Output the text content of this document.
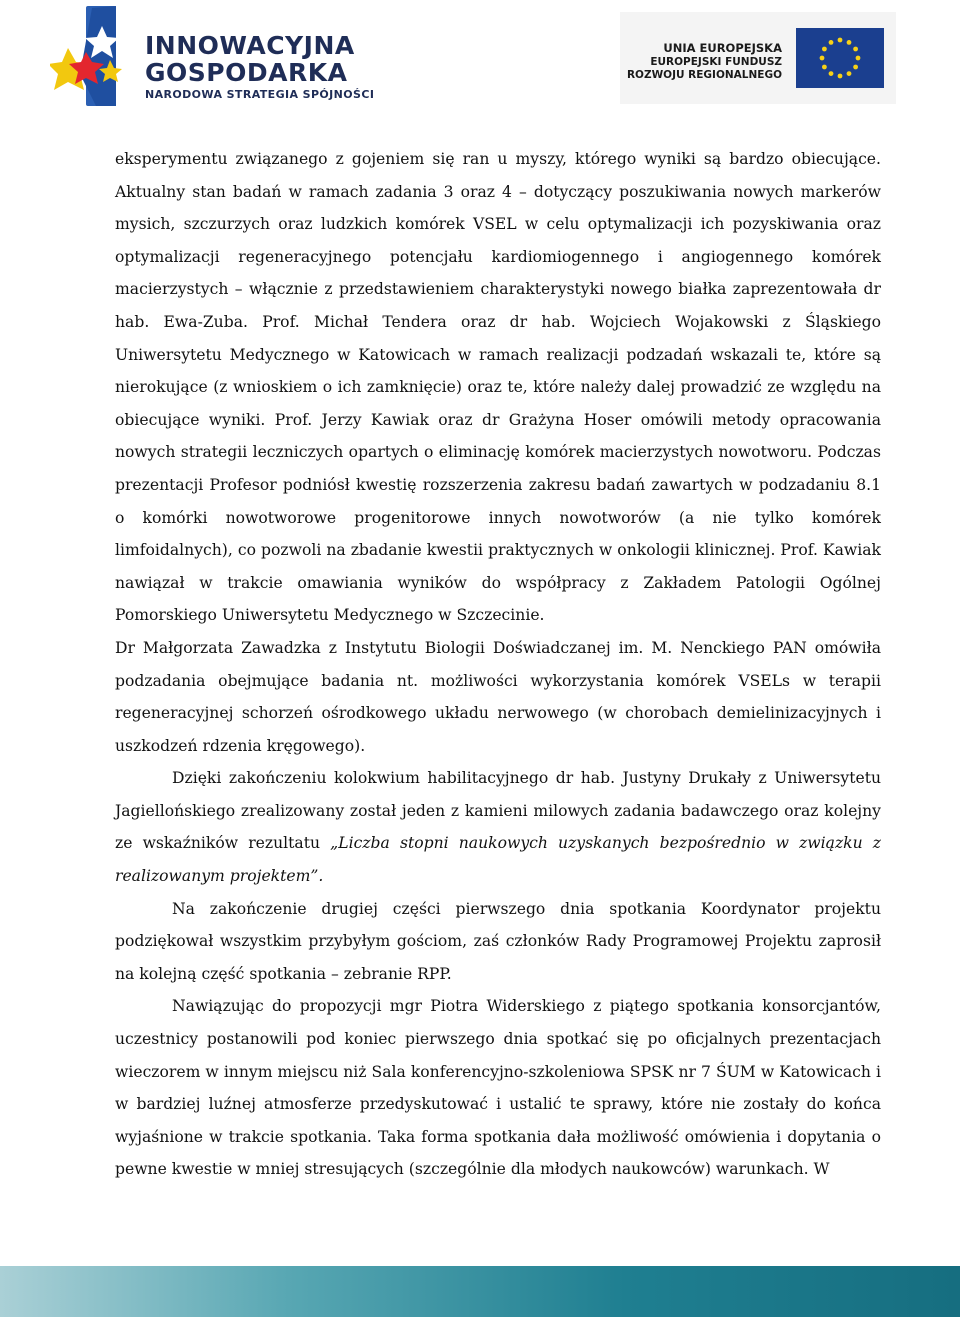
INNOWACYJNA
GOSPODARKA
NARODOWA STRATEGIA SPÓJNOŚCI
UNIA EUROPEJSKA
EUROPEJSKI FUNDUSZ
ROZWOJU REGIONALNEGO

eksperymentu związanego z gojeniem się ran u myszy, którego wyniki są bardzo obiecujące. Aktualny stan badań w ramach zadania 3 oraz 4 – dotyczący poszukiwania nowych markerów mysich, szczurzych oraz ludzkich komórek VSEL w celu optymalizacji ich pozyskiwania oraz optymalizacji regeneracyjnego potencjału kardiomiogennego i angiogennego komórek macierzystych – włącznie z przedstawieniem charakterystyki nowego białka zaprezentowała dr hab. Ewa-Zuba. Prof. Michał Tendera oraz dr hab. Wojciech Wojakowski z Śląskiego Uniwersytetu Medycznego w Katowicach w ramach realizacji podzadań wskazali te, które są nierokujące (z wnioskiem o ich zamknięcie) oraz te, które należy dalej prowadzić ze względu na obiecujące wyniki. Prof. Jerzy Kawiak oraz dr Grażyna Hoser omówili metody opracowania nowych strategii leczniczych opartych o eliminację komórek macierzystych nowotworu. Podczas prezentacji Profesor podniósł kwestię rozszerzenia zakresu badań zawartych w podzadaniu 8.1 o komórki nowotworowe progenitorowe innych nowotworów (a nie tylko komórek limfoidalnych), co pozwoli na zbadanie kwestii praktycznych w onkologii klinicznej. Prof. Kawiak nawiązał w trakcie omawiania wyników do współpracy z Zakładem Patologii Ogólnej Pomorskiego Uniwersytetu Medycznego w Szczecinie.

Dr Małgorzata Zawadzka z Instytutu Biologii Doświadczanej im. M. Nenckiego PAN omówiła podzadania obejmujące badania nt. możliwości wykorzystania komórek VSELs w terapii regeneracyjnej schorzeń ośrodkowego układu nerwowego (w chorobach demielinizacyjnych i uszkodzeń rdzenia kręgowego).

Dzięki zakończeniu kolokwium habilitacyjnego dr hab. Justyny Drukały z Uniwersytetu Jagiellońskiego zrealizowany został jeden z kamieni milowych zadania badawczego oraz kolejny ze wskaźników rezultatu „Liczba stopni naukowych uzyskanych bezpośrednio w związku z realizowanym projektem”.

Na zakończenie drugiej części pierwszego dnia spotkania Koordynator projektu podziękował wszystkim przybyłym gościom, zaś członków Rady Programowej Projektu zaprosił na kolejną część spotkania – zebranie RPP.

Nawiązując do propozycji mgr Piotra Widerskiego z piątego spotkania konsorcjantów, uczestnicy postanowili pod koniec pierwszego dnia spotkać się po oficjalnych prezentacjach wieczorem w innym miejscu niż Sala konferencyjno-szkoleniowa SPSK nr 7 ŚUM w Katowicach i w bardziej luźnej atmosferze przedyskutować i ustalić te sprawy, które nie zostały do końca wyjaśnione w trakcie spotkania. Taka forma spotkania dała możliwość omówienia i dopytania o pewne kwestie w mniej stresujących (szczególnie dla młodych naukowców) warunkach. W
